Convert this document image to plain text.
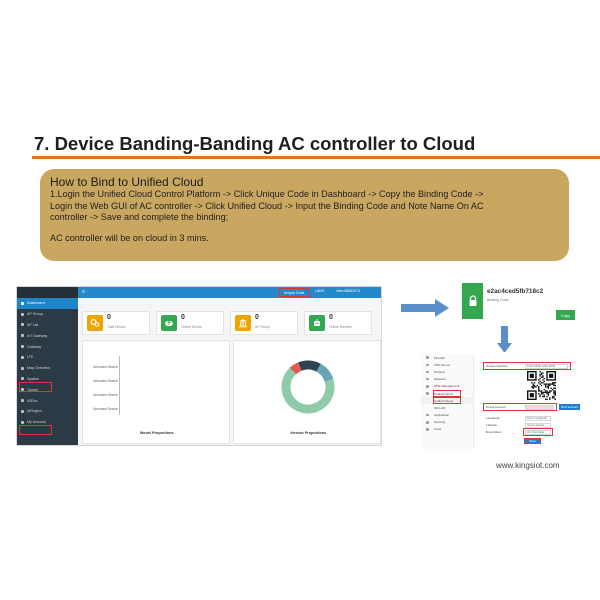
7. Device Banding-Banding AC controller to Cloud
How to Bind to Unified Cloud
1.Login the Unified Cloud Control Platform -> Click Unique Code in Dashboard -> Copy the Binding Code ->
Login the Web GUI of AC controller -> Click Unified Cloud -> Input the Binding Code and Note Name On AC
controller -> Save and complete the binding;
AC controller will be on cloud in 3 mins.
Dashboard
AP Group
AP List
IoT Gateway
Gateway
LTE
Map Overview
System
Tunnel
4SEsc
AIRegion
My Account
≡	Unique Code	LANG	User:58882074
0
Total Device
0
Online Device
0
AP Group
0
Online Member
Unknown Device
Unknown Device
Unknown Device
Unknown Device
Model Proportions	Version Proportions
e2ac4ced5fb718c2
Binding Code
Copy
Firewall	›
VPN Server	›
Hotspot	›
Wireless	›
CPE Management	›
Unified Cloud	›
Unified Cloud
SD-LAN
Application	›
Security	›
Tools	›
Unique Number	1234 5678 1234 5678
Cloud Account	Bind account
Longitude	Input Longitude
Latitude	Input Latitude
Description	AC Controller
Save
www.kingsiot.com
